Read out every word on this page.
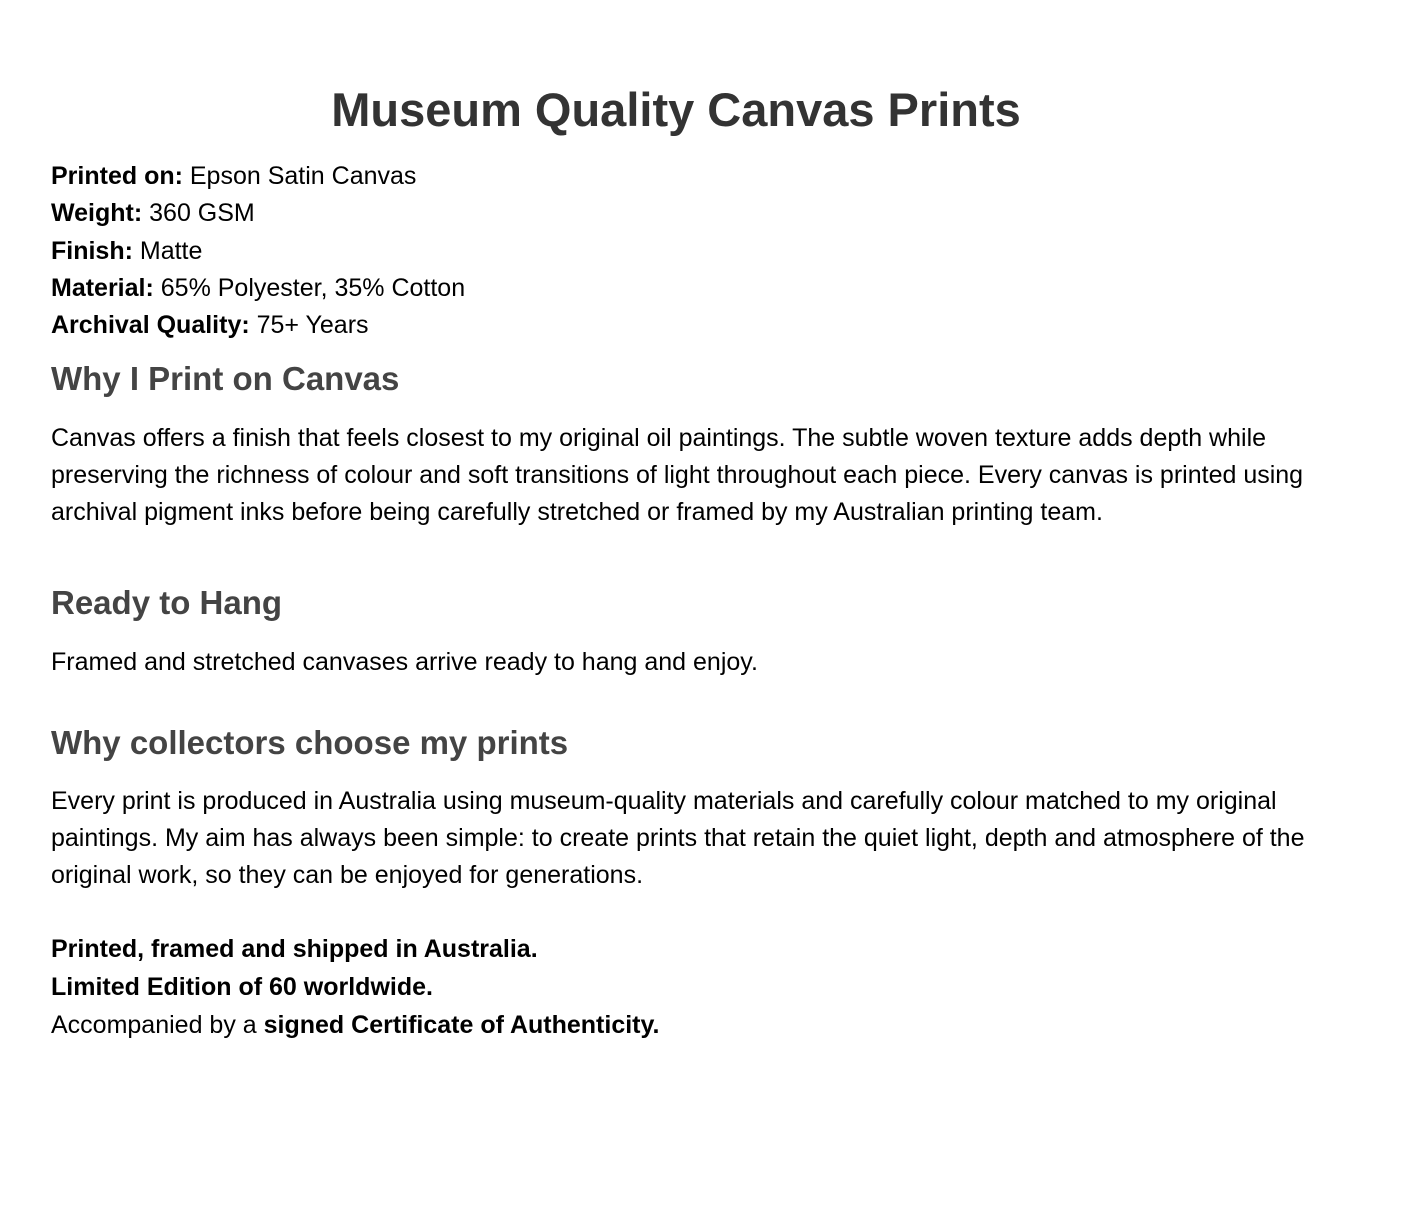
Museum Quality Canvas Prints
Printed on: Epson Satin Canvas
Weight: 360 GSM
Finish: Matte
Material: 65% Polyester, 35% Cotton
Archival Quality: 75+ Years
Why I Print on Canvas

Canvas offers a finish that feels closest to my original oil paintings. The subtle woven texture adds depth while preserving the richness of colour and soft transitions of light throughout each piece. Every canvas is printed using archival pigment inks before being carefully stretched or framed by my Australian printing team.

Ready to Hang

Framed and stretched canvases arrive ready to hang and enjoy.

Why collectors choose my prints

Every print is produced in Australia using museum-quality materials and carefully colour matched to my original paintings. My aim has always been simple: to create prints that retain the quiet light, depth and atmosphere of the original work, so they can be enjoyed for generations.

Printed, framed and shipped in Australia.
Limited Edition of 60 worldwide.
Accompanied by a signed Certificate of Authenticity.
